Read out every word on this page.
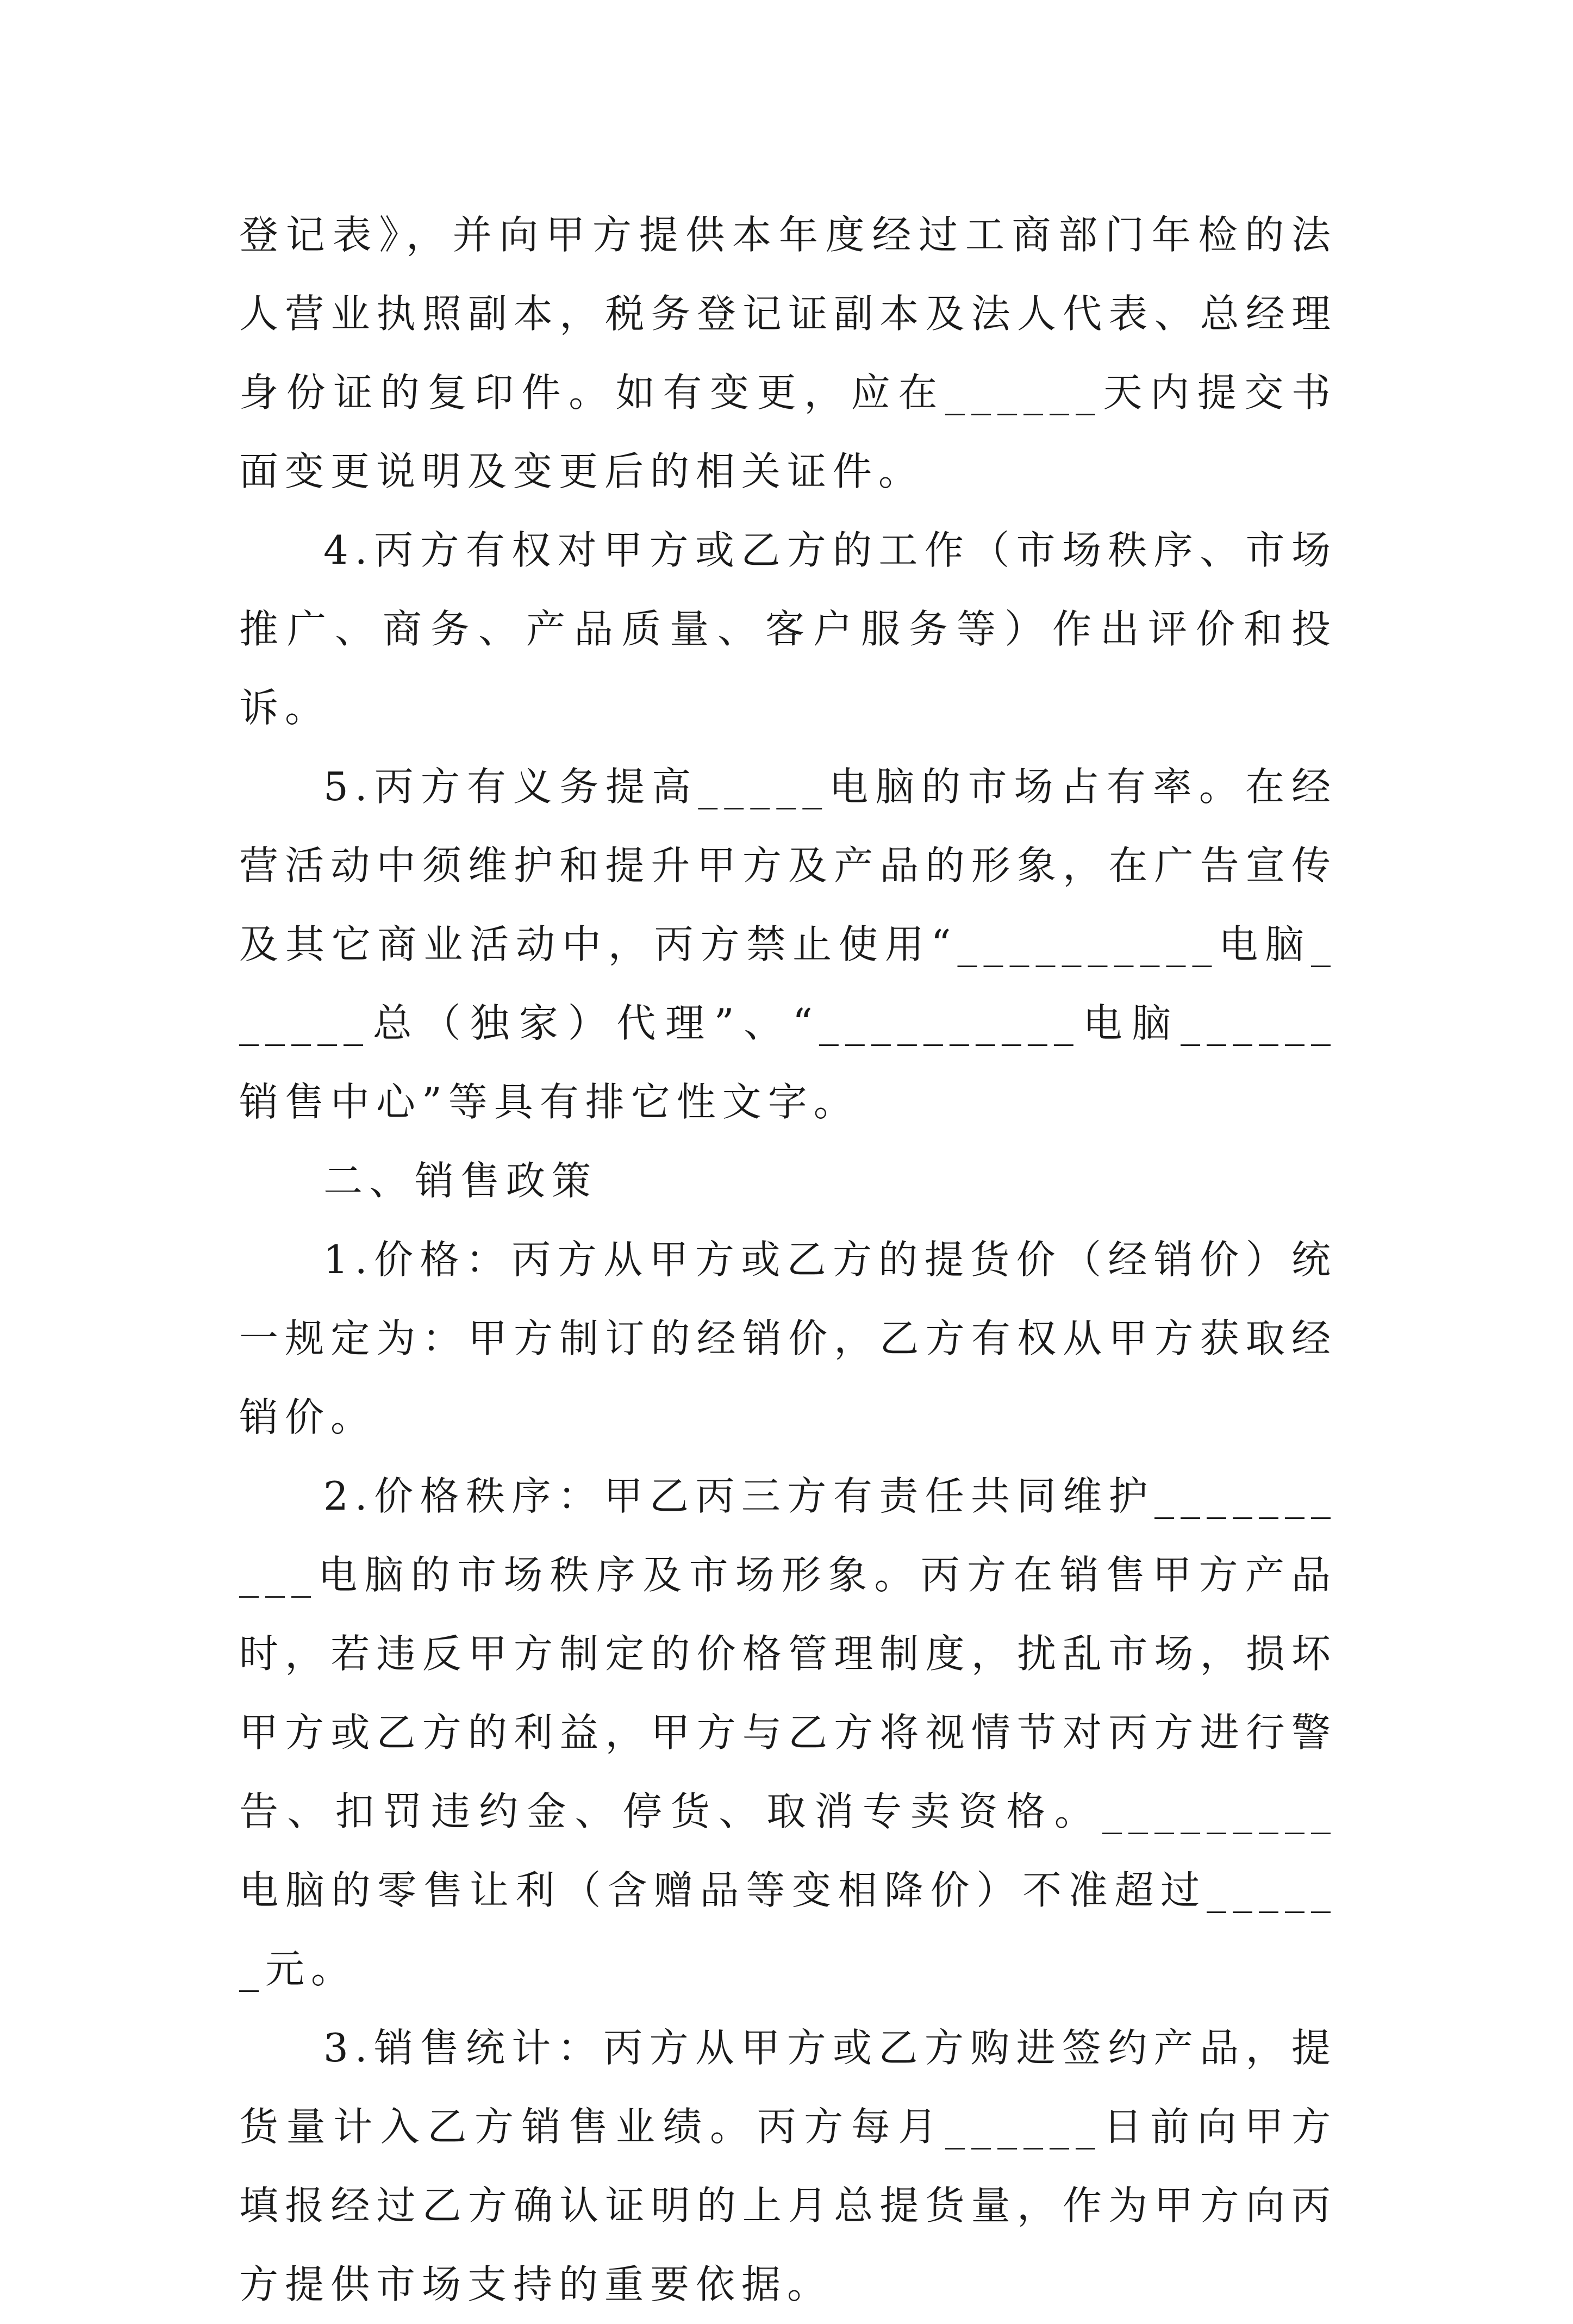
登记表》，并向甲方提供本年度经过工商部门年检的法人营业执照副本，税务登记证副本及法人代表、总经理身份证的复印件。如有变更，应在______天内提交书面变更说明及变更后的相关证件。

4.丙方有权对甲方或乙方的工作（市场秩序、市场推广、商务、产品质量、客户服务等）作出评价和投诉。

5.丙方有义务提高_____电脑的市场占有率。在经营活动中须维护和提升甲方及产品的形象，在广告宣传及其它商业活动中，丙方禁止使用“__________电脑______总（独家）代理”、“__________电脑______销售中心”等具有排它性文字。

二、销售政策

1.价格：丙方从甲方或乙方的提货价（经销价）统一规定为：甲方制订的经销价，乙方有权从甲方获取经销价。

2.价格秩序：甲乙丙三方有责任共同维护__________电脑的市场秩序及市场形象。丙方在销售甲方产品时，若违反甲方制定的价格管理制度，扰乱市场，损坏甲方或乙方的利益，甲方与乙方将视情节对丙方进行警告、扣罚违约金、停货、取消专卖资格。_________电脑的零售让利（含赠品等变相降价）不准超过______元。

3.销售统计：丙方从甲方或乙方购进签约产品，提货量计入乙方销售业绩。丙方每月______日前向甲方填报经过乙方确认证明的上月总提货量，作为甲方向丙方提供市场支持的重要依据。
